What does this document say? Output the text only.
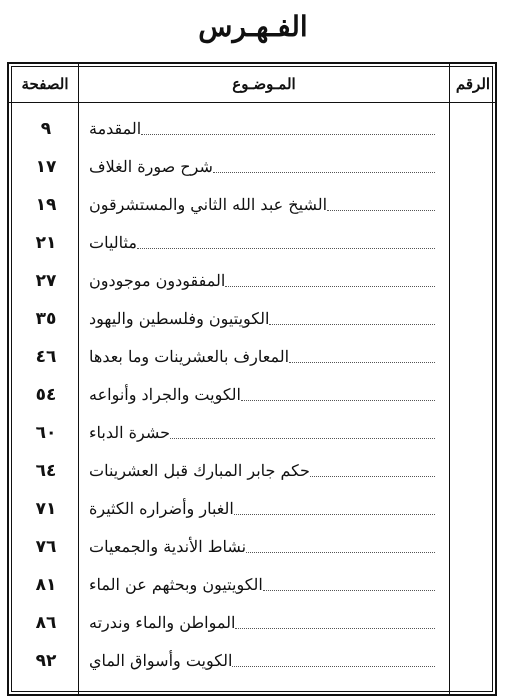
الفـهـرس
الصفحة	المـوضـوع	الرقم
٩	المقدمة
١٧	شرح صورة الغلاف
١٩	الشيخ عبد الله الثاني والمستشرقون
٢١	مثاليات
٢٧	المفقودون موجودون
٣٥	الكويتيون وفلسطين واليهود
٤٦	المعارف بالعشرينات وما بعدها
٥٤	الكويت والجراد وأنواعه
٦٠	حشرة الدباء
٦٤	حكم جابر المبارك قبل العشرينات
٧١	الغبار وأضراره الكثيرة
٧٦	نشاط الأندية والجمعيات
٨١	الكويتيون وبحثهم عن الماء
٨٦	المواطن والماء وندرته
٩٢	الكويت وأسواق الماي
